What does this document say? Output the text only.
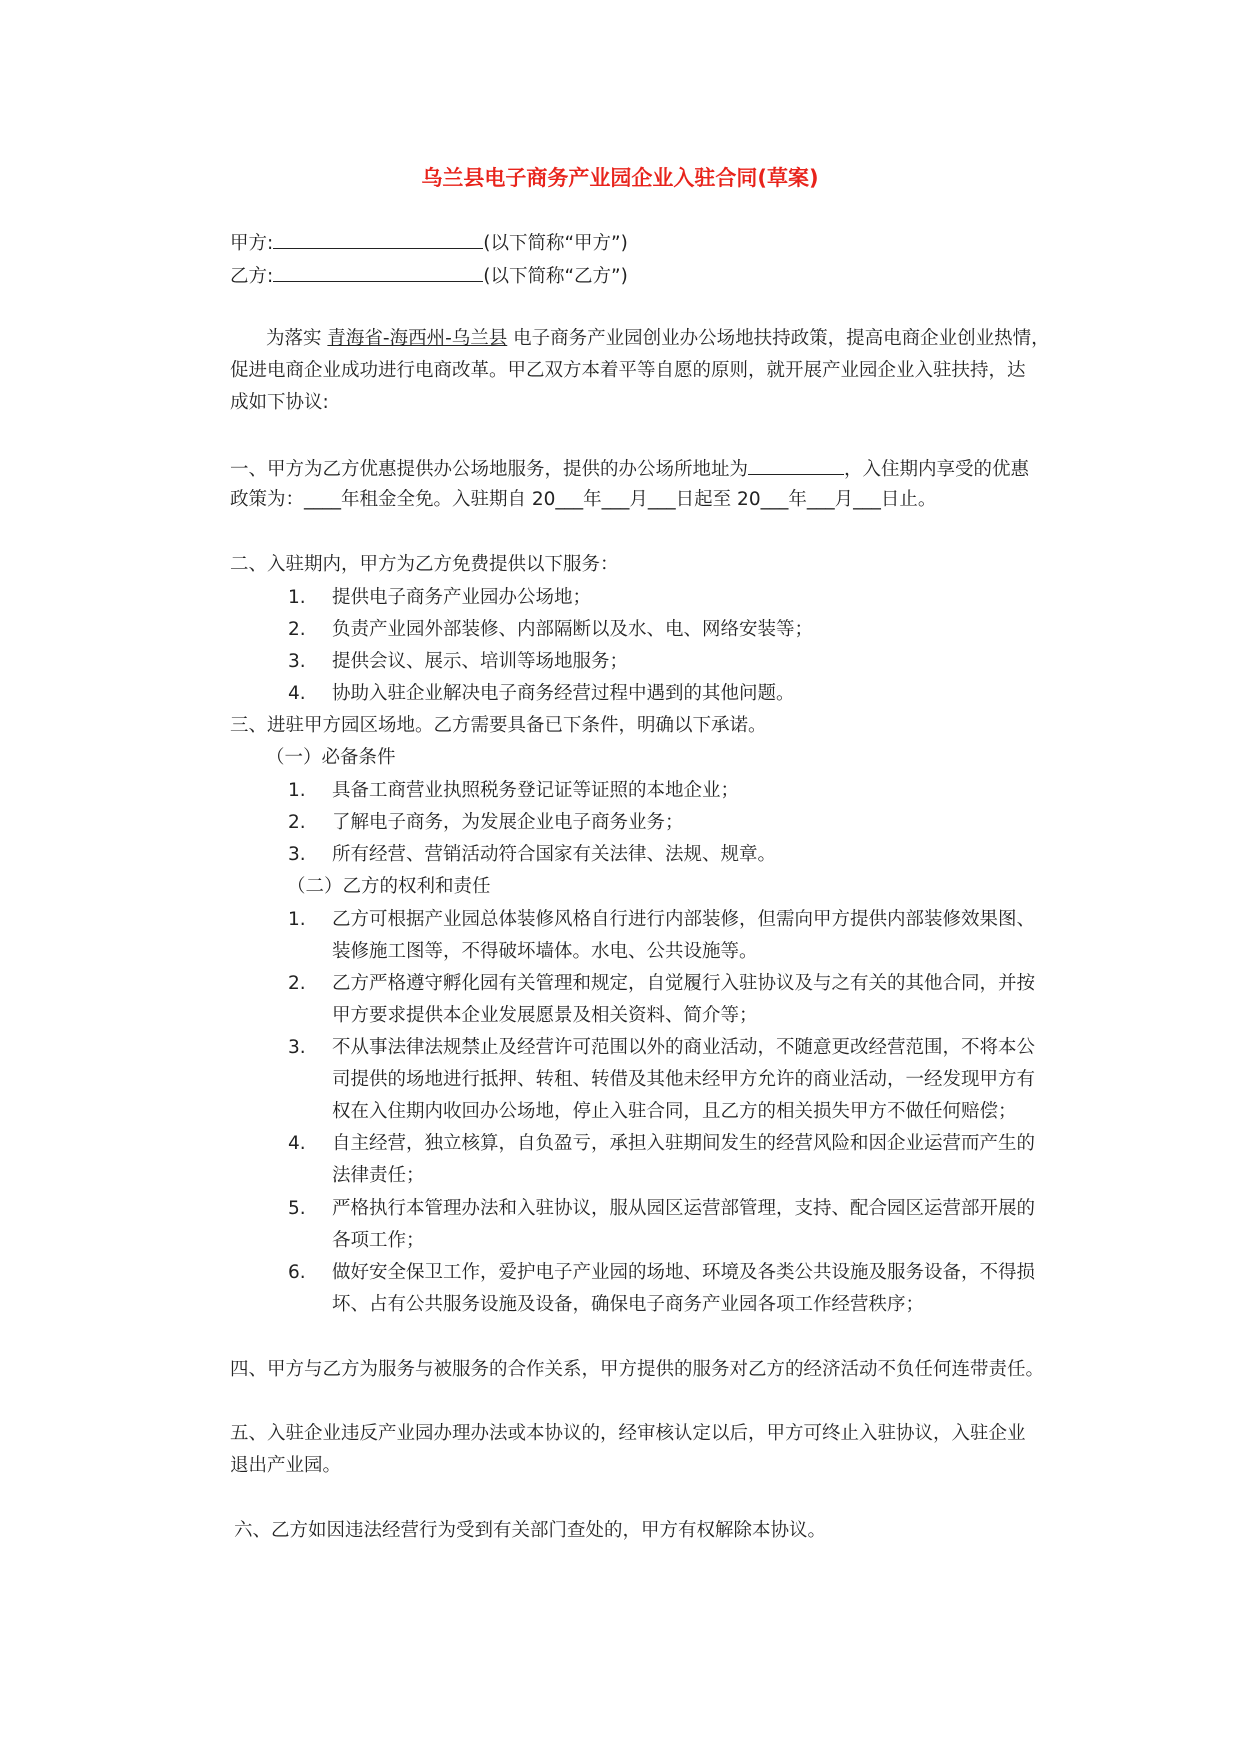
乌兰县电子商务产业园企业入驻合同(草案)
甲方:	(以下简称“甲方”)
乙方:	(以下简称“乙方”)
为落实 青海省-海西州-乌兰县 电子商务产业园创业办公场地扶持政策，提高电商企业创业热情，
促进电商企业成功进行电商改革。甲乙双方本着平等自愿的原则，就开展产业园企业入驻扶持，达
成如下协议:
一、甲方为乙方优惠提供办公场地服务，提供的办公场所地址为	，入住期内享受的优惠
政策为：____年租金全免。入驻期自 20___年___月___日起至 20___年___月___日止。
二、入驻期内，甲方为乙方免费提供以下服务：
1. 提供电子商务产业园办公场地；
2. 负责产业园外部装修、内部隔断以及水、电、网络安装等；
3. 提供会议、展示、培训等场地服务；
4. 协助入驻企业解决电子商务经营过程中遇到的其他问题。
三、进驻甲方园区场地。乙方需要具备已下条件，明确以下承诺。
（一）必备条件
1. 具备工商营业执照税务登记证等证照的本地企业；
2. 了解电子商务，为发展企业电子商务业务；
3. 所有经营、营销活动符合国家有关法律、法规、规章。
（二）乙方的权利和责任
1. 乙方可根据产业园总体装修风格自行进行内部装修，但需向甲方提供内部装修效果图、
装修施工图等，不得破坏墙体。水电、公共设施等。
2. 乙方严格遵守孵化园有关管理和规定，自觉履行入驻协议及与之有关的其他合同，并按
甲方要求提供本企业发展愿景及相关资料、简介等；
3. 不从事法律法规禁止及经营许可范围以外的商业活动，不随意更改经营范围，不将本公
司提供的场地进行抵押、转租、转借及其他未经甲方允许的商业活动，一经发现甲方有
权在入住期内收回办公场地，停止入驻合同，且乙方的相关损失甲方不做任何赔偿；
4. 自主经营，独立核算，自负盈亏，承担入驻期间发生的经营风险和因企业运营而产生的
法律责任；
5. 严格执行本管理办法和入驻协议，服从园区运营部管理，支持、配合园区运营部开展的
各项工作；
6. 做好安全保卫工作，爱护电子产业园的场地、环境及各类公共设施及服务设备，不得损
坏、占有公共服务设施及设备，确保电子商务产业园各项工作经营秩序；
四、甲方与乙方为服务与被服务的合作关系，甲方提供的服务对乙方的经济活动不负任何连带责任。
五、入驻企业违反产业园办理办法或本协议的，经审核认定以后，甲方可终止入驻协议，入驻企业
退出产业园。
六、乙方如因违法经营行为受到有关部门查处的，甲方有权解除本协议。
